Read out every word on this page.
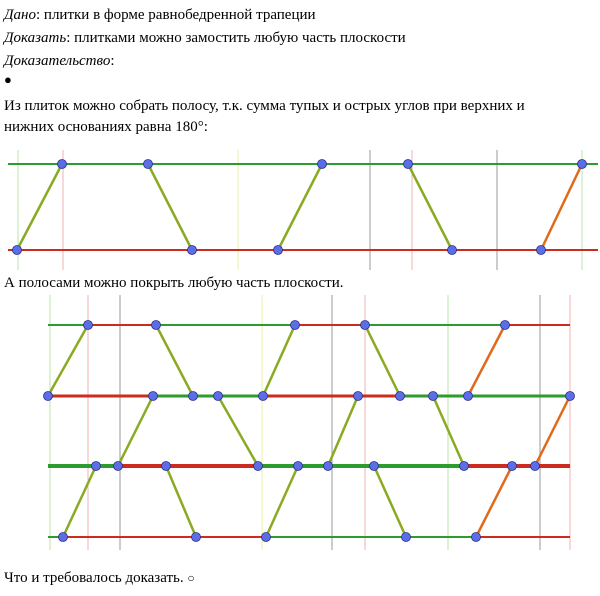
Дано: плитки в форме равнобедренной трапеции
Доказать: плитками можно замостить любую часть плоскости
Доказательство:
●
Из плиток можно собрать полосу, т.к. сумма тупых и острых углов при верхних и
нижних основаниях равна 180°:
А полосами можно покрыть любую часть плоскости.
Что и требовалось доказать. ○
